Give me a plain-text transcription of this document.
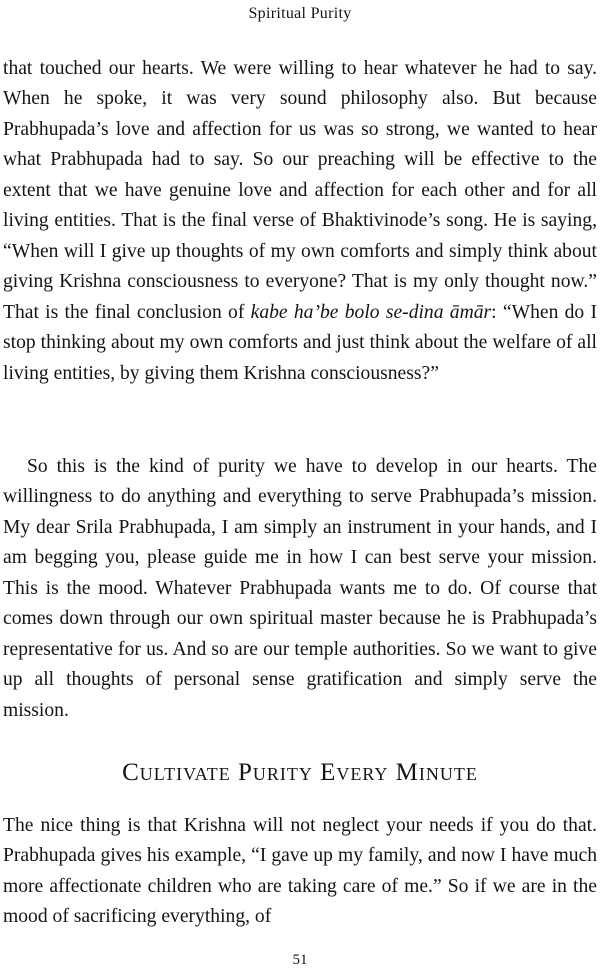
Spiritual Purity

that touched our hearts. We were willing to hear whatever he had to say. When he spoke, it was very sound philosophy also. But because Prabhupada’s love and affection for us was so strong, we wanted to hear what Prabhupada had to say. So our preaching will be effective to the extent that we have genuine love and affection for each other and for all living entities. That is the final verse of Bhaktivinode’s song. He is saying, “When will I give up thoughts of my own comforts and simply think about giving Krishna consciousness to everyone? That is my only thought now.” That is the final conclusion of kabe ha’be bolo se-dina āmār: “When do I stop thinking about my own comforts and just think about the welfare of all living entities, by giving them Krishna consciousness?”

So this is the kind of purity we have to develop in our hearts. The willingness to do anything and everything to serve Prabhupada’s mission. My dear Srila Prabhupada, I am simply an instrument in your hands, and I am begging you, please guide me in how I can best serve your mission. This is the mood. Whatever Prabhupada wants me to do. Of course that comes down through our own spiritual master because he is Prabhupada’s representative for us. And so are our temple authorities. So we want to give up all thoughts of personal sense gratification and simply serve the mission.

Cultivate Purity Every Minute

The nice thing is that Krishna will not neglect your needs if you do that. Prabhupada gives his example, “I gave up my family, and now I have much more affectionate children who are taking care of me.” So if we are in the mood of sacrificing everything, of

51
